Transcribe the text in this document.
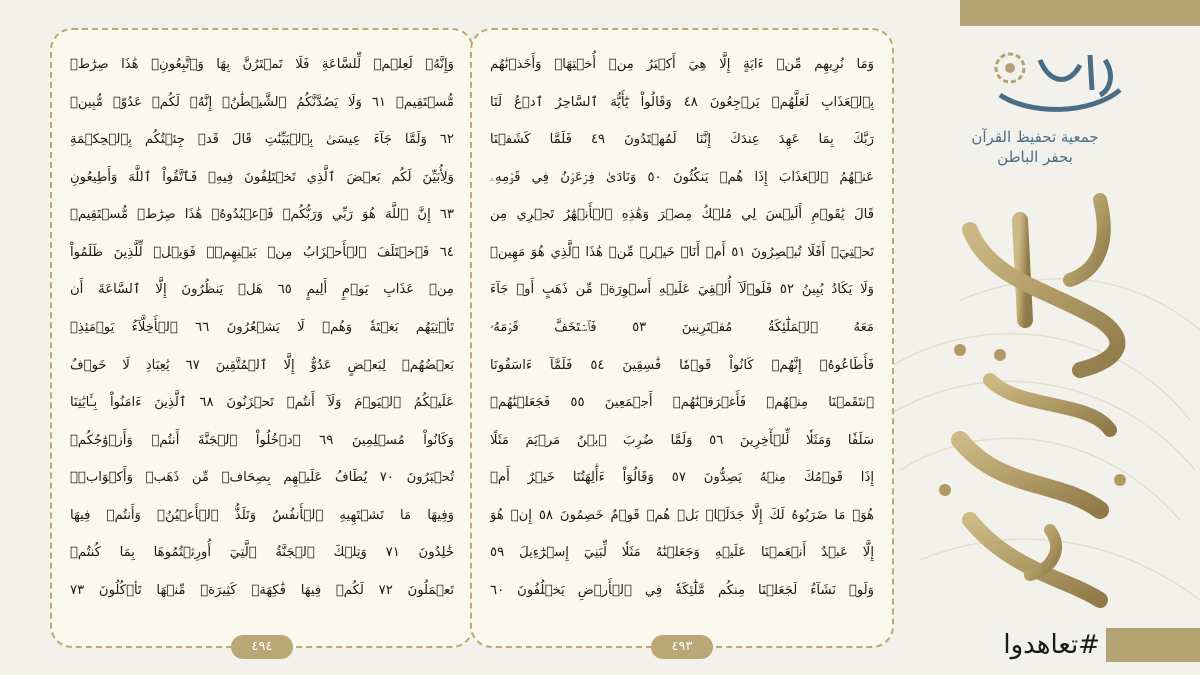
وَإِنَّهُۥ لَعِلۡمٞ لِّلسَّاعَةِ فَلَا تَمۡتَرُنَّ بِهَا وَٱتَّبِعُونِۚ هَٰذَا صِرَٰطٞ
مُّسۡتَقِيمٞ ٦١ وَلَا يَصُدَّنَّكُمُ ٱلشَّيۡطَٰنُۖ إِنَّهُۥ لَكُمۡ عَدُوّٞ مُّبِينٞ
٦٢ وَلَمَّا جَآءَ عِيسَىٰ بِٱلۡبَيِّنَٰتِ قَالَ قَدۡ جِئۡتُكُم بِٱلۡحِكۡمَةِ
وَلِأُبَيِّنَ لَكُم بَعۡضَ ٱلَّذِي تَخۡتَلِفُونَ فِيهِۖ فَٱتَّقُواْ ٱللَّهَ وَأَطِيعُونِ
٦٣ إِنَّ ٱللَّهَ هُوَ رَبِّي وَرَبُّكُمۡ فَٱعۡبُدُوهُۚ هَٰذَا صِرَٰطٞ مُّسۡتَقِيمٞ
٦٤ فَٱخۡتَلَفَ ٱلۡأَحۡزَابُ مِنۢ بَيۡنِهِمۡۖ فَوَيۡلٞ لِّلَّذِينَ ظَلَمُواْ
مِنۡ عَذَابِ يَوۡمٍ أَلِيمٍ ٦٥ هَلۡ يَنظُرُونَ إِلَّا ٱلسَّاعَةَ أَن
تَأۡتِيَهُم بَغۡتَةٗ وَهُمۡ لَا يَشۡعُرُونَ ٦٦ ٱلۡأَخِلَّآءُ يَوۡمَئِذِۭ
بَعۡضُهُمۡ لِبَعۡضٍ عَدُوٌّ إِلَّا ٱلۡمُتَّقِينَ ٦٧ يَٰعِبَادِ لَا خَوۡفٌ
عَلَيۡكُمُ ٱلۡيَوۡمَ وَلَآ أَنتُمۡ تَحۡزَنُونَ ٦٨ ٱلَّذِينَ ءَامَنُواْ بِـَٔايَٰتِنَا
وَكَانُواْ مُسۡلِمِينَ ٦٩ ٱدۡخُلُواْ ٱلۡجَنَّةَ أَنتُمۡ وَأَزۡوَٰجُكُمۡ
تُحۡبَرُونَ ٧٠ يُطَافُ عَلَيۡهِم بِصِحَافٖ مِّن ذَهَبٖ وَأَكۡوَابٖۖ
وَفِيهَا مَا تَشۡتَهِيهِ ٱلۡأَنفُسُ وَتَلَذُّ ٱلۡأَعۡيُنُۖ وَأَنتُمۡ فِيهَا
خَٰلِدُونَ ٧١ وَتِلۡكَ ٱلۡجَنَّةُ ٱلَّتِيٓ أُورِثۡتُمُوهَا بِمَا كُنتُمۡ
تَعۡمَلُونَ ٧٢ لَكُمۡ فِيهَا فَٰكِهَةٞ كَثِيرَةٞ مِّنۡهَا تَأۡكُلُونَ ٧٣
٤٩٤
وَمَا نُرِيهِم مِّنۡ ءَايَةٍ إِلَّا هِيَ أَكۡبَرُ مِنۡ أُخۡتِهَاۖ وَأَخَذۡنَٰهُم
بِٱلۡعَذَابِ لَعَلَّهُمۡ يَرۡجِعُونَ ٤٨ وَقَالُواْ يَٰٓأَيُّهَ ٱلسَّاحِرُ ٱدۡعُ لَنَا
رَبَّكَ بِمَا عَهِدَ عِندَكَ إِنَّنَا لَمُهۡتَدُونَ ٤٩ فَلَمَّا كَشَفۡنَا
عَنۡهُمُ ٱلۡعَذَابَ إِذَا هُمۡ يَنكُثُونَ ٥٠ وَنَادَىٰ فِرۡعَوۡنُ فِي قَوۡمِهِۦ
قَالَ يَٰقَوۡمِ أَلَيۡسَ لِي مُلۡكُ مِصۡرَ وَهَٰذِهِ ٱلۡأَنۡهَٰرُ تَجۡرِي مِن
تَحۡتِيٓۚ أَفَلَا تُبۡصِرُونَ ٥١ أَمۡ أَنَا۠ خَيۡرٞ مِّنۡ هَٰذَا ٱلَّذِي هُوَ مَهِينٞ
وَلَا يَكَادُ يُبِينُ ٥٢ فَلَوۡلَآ أُلۡقِيَ عَلَيۡهِ أَسۡوِرَةٞ مِّن ذَهَبٍ أَوۡ جَآءَ
مَعَهُ ٱلۡمَلَٰٓئِكَةُ مُقۡتَرِنِينَ ٥٣ فَٱسۡتَخَفَّ قَوۡمَهُۥ
فَأَطَاعُوهُۚ إِنَّهُمۡ كَانُواْ قَوۡمٗا فَٰسِقِينَ ٥٤ فَلَمَّآ ءَاسَفُونَا
ٱنتَقَمۡنَا مِنۡهُمۡ فَأَغۡرَقۡنَٰهُمۡ أَجۡمَعِينَ ٥٥ فَجَعَلۡنَٰهُمۡ
سَلَفٗا وَمَثَلٗا لِّلۡأٓخِرِينَ ٥٦ وَلَمَّا ضُرِبَ ٱبۡنُ مَرۡيَمَ مَثَلًا
إِذَا قَوۡمُكَ مِنۡهُ يَصِدُّونَ ٥٧ وَقَالُوٓاْ ءَأَٰلِهَتُنَا خَيۡرٌ أَمۡ
هُوَۚ مَا ضَرَبُوهُ لَكَ إِلَّا جَدَلَۢاۚ بَلۡ هُمۡ قَوۡمٌ خَصِمُونَ ٥٨ إِنۡ هُوَ
إِلَّا عَبۡدٌ أَنۡعَمۡنَا عَلَيۡهِ وَجَعَلۡنَٰهُ مَثَلٗا لِّبَنِيٓ إِسۡرَٰٓءِيلَ ٥٩
وَلَوۡ نَشَآءُ لَجَعَلۡنَا مِنكُم مَّلَٰٓئِكَةٗ فِي ٱلۡأَرۡضِ يَخۡلُفُونَ ٦٠
٤٩٣
جمعية تحفيظ القرآن
بحفر الباطن
#تعاهدوا
